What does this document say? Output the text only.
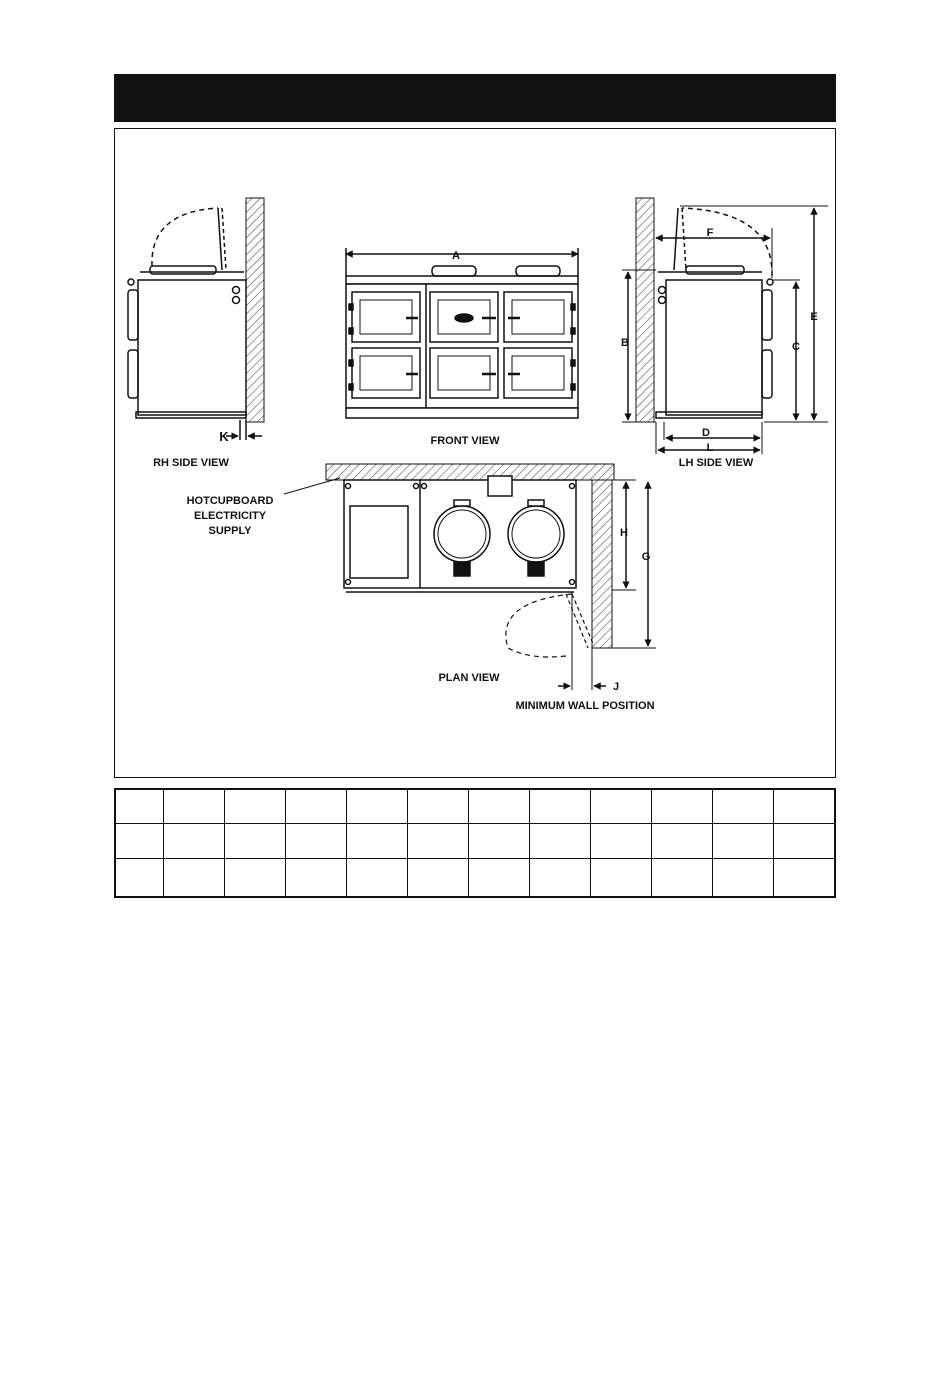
A
B	C
D
E
F
G
H
J
K
L
RH SIDE VIEW
FRONT VIEW
LH SIDE VIEW
PLAN VIEW
MINIMUM WALL POSITION
HOTCUPBOARD
ELECTRICITY
SUPPLY
